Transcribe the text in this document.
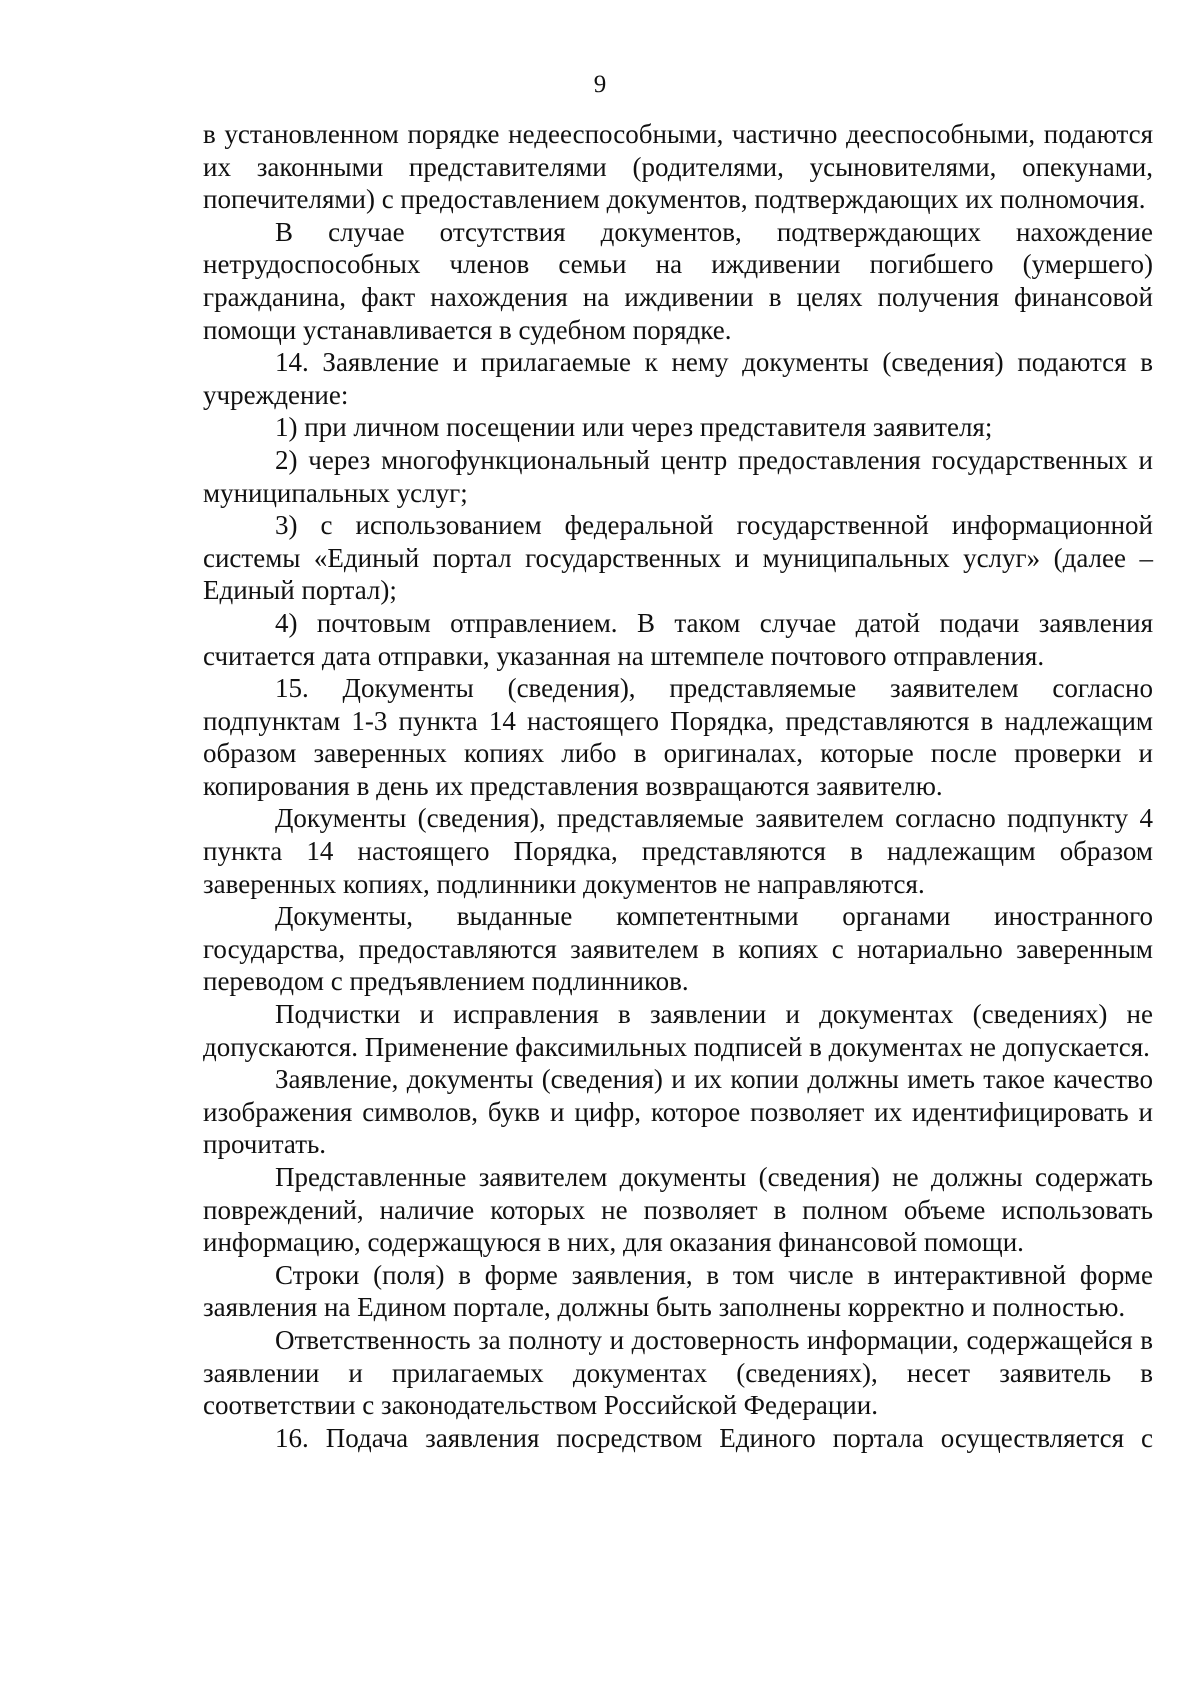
9

в установленном порядке недееспособными, частично дееспособными, подаются их законными представителями (родителями, усыновителями, опекунами, попечителями) с предоставлением документов, подтверждающих их полномочия.

В случае отсутствия документов, подтверждающих нахождение нетрудоспособных членов семьи на иждивении погибшего (умершего) гражданина, факт нахождения на иждивении в целях получения финансовой помощи устанавливается в судебном порядке.

14. Заявление и прилагаемые к нему документы (сведения) подаются в учреждение:

1) при личном посещении или через представителя заявителя;

2) через многофункциональный центр предоставления государственных и муниципальных услуг;

3) с использованием федеральной государственной информационной системы «Единый портал государственных и муниципальных услуг» (далее – Единый портал);

4) почтовым отправлением. В таком случае датой подачи заявления считается дата отправки, указанная на штемпеле почтового отправления.

15. Документы (сведения), представляемые заявителем согласно подпунктам 1-3 пункта 14 настоящего Порядка, представляются в надлежащим образом заверенных копиях либо в оригиналах, которые после проверки и копирования в день их представления возвращаются заявителю.

Документы (сведения), представляемые заявителем согласно подпункту 4 пункта 14 настоящего Порядка, представляются в надлежащим образом заверенных копиях, подлинники документов не направляются.

Документы, выданные компетентными органами иностранного государства, предоставляются заявителем в копиях с нотариально заверенным переводом с предъявлением подлинников.

Подчистки и исправления в заявлении и документах (сведениях) не допускаются. Применение факсимильных подписей в документах не допускается.

Заявление, документы (сведения) и их копии должны иметь такое качество изображения символов, букв и цифр, которое позволяет их идентифицировать и прочитать.

Представленные заявителем документы (сведения) не должны содержать повреждений, наличие которых не позволяет в полном объеме использовать информацию, содержащуюся в них, для оказания финансовой помощи.

Строки (поля) в форме заявления, в том числе в интерактивной форме заявления на Едином портале, должны быть заполнены корректно и полностью.

Ответственность за полноту и достоверность информации, содержащейся в заявлении и прилагаемых документах (сведениях), несет заявитель в соответствии с законодательством Российской Федерации.

16. Подача заявления посредством Единого портала осуществляется с
